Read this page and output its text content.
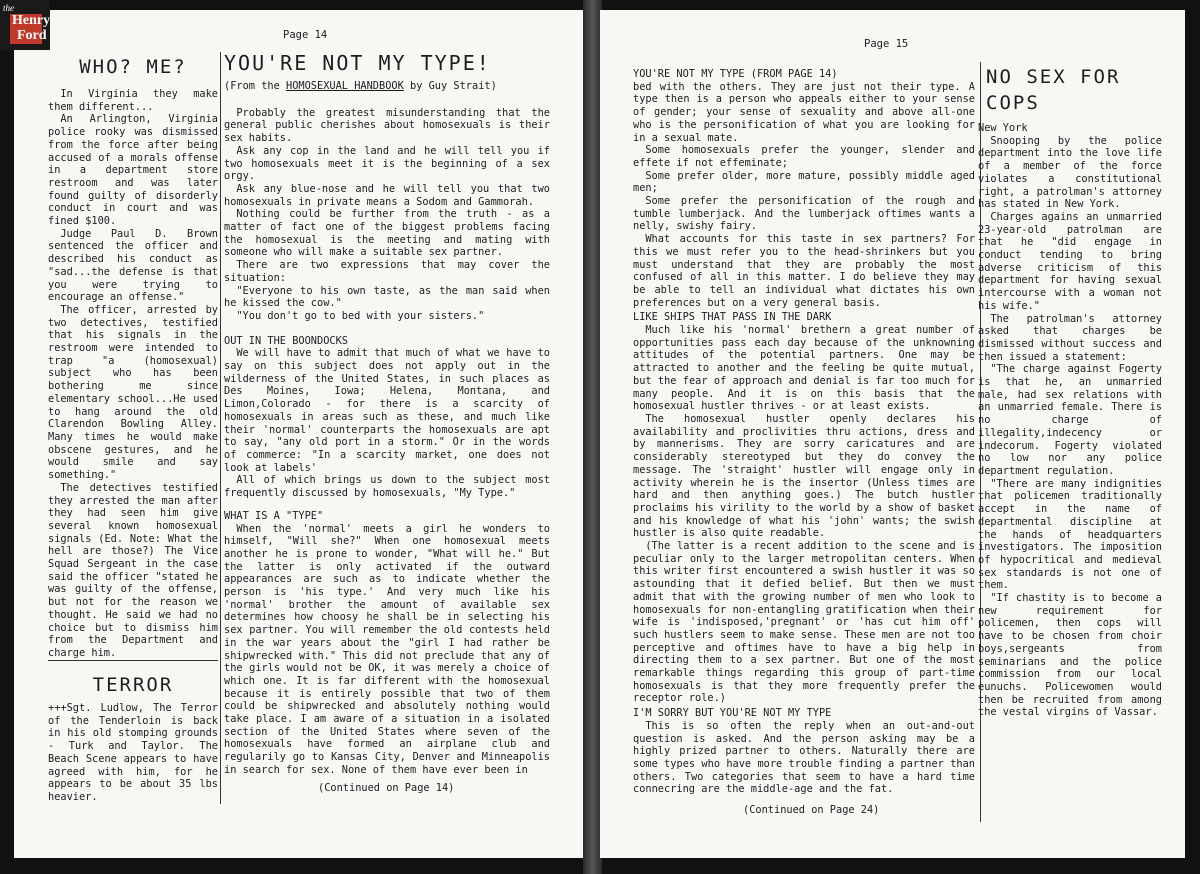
the
Henry
Ford	Page 14
WHO? ME?

In Virginia they make them different...

An Arlington, Virginia police rooky was dismissed from the force after being accused of a morals offense in a department store restroom and was later found guilty of disorderly conduct in court and was fined $100.

Judge Paul D. Brown sentenced the officer and described his conduct as "sad...the defense is that you were trying to encourage an offense."

The officer, arrested by two detectives, testified that his signals in the restroom were intended to trap "a (homosexual) subject who has been bothering me since elementary school...He used to hang around the old Clarendon Bowling Alley. Many times he would make obscene gestures, and he would smile and say something."

The detectives testified they arrested the man after they had seen him give several known homosexual signals (Ed. Note: What the hell are those?) The Vice Squad Sergeant in the case said the officer "stated he was guilty of the offense, but not for the reason we thought. He said we had no choice but to dismiss him from the Department and charge him.

TERROR

+++Sgt. Ludlow, The Terror of the Tenderloin is back in his old stomping grounds - Turk and Taylor. The Beach Scene appears to have agreed with him, for he appears to be about 35 lbs heavier.

YOU'RE NOT MY TYPE!

(From the HOMOSEXUAL HANDBOOK by Guy Strait)

Probably the greatest misunderstanding that the general public cherishes about homosexuals is their sex habits.

Ask any cop in the land and he will tell you if two homosexuals meet it is the beginning of a sex orgy.

Ask any blue-nose and he will tell you that two homosexuals in private means a Sodom and Gammorah.

Nothing could be further from the truth - as a matter of fact one of the biggest problems facing the homosexual is the meeting and mating with someone who will make a suitable sex partner.

There are two expressions that may cover the situation:

"Everyone to his own taste, as the man said when he kissed the cow."

"You don't go to bed with your sisters."

OUT IN THE BOONDOCKS

We will have to admit that much of what we have to say on this subject does not apply out in the wilderness of the United States, in such places as Des Moines, Iowa; Helena, Montana, and Limon,Colorado - for there is a scarcity of homosexuals in areas such as these, and much like their 'normal' counterparts the homosexuals are apt to say, "any old port in a storm." Or in the words of commerce: "In a scarcity market, one does not look at labels'

All of which brings us down to the subject most frequently discussed by homosexuals, "My Type."

WHAT IS A "TYPE"

When the 'normal' meets a girl he wonders to himself, "Will she?" When one homosexual meets another he is prone to wonder, "What will he." But the latter is only activated if the outward appearances are such as to indicate whether the person is 'his type.' And very much like his 'normal' brother the amount of available sex determines how choosy he shall be in selecting his sex partner. You will remember the old contests held in the war years about the "girl I had rather be shipwrecked with." This did not preclude that any of the girls would not be OK, it was merely a choice of which one. It is far different with the homosexual because it is entirely possible that two of them could be shipwrecked and absolutely nothing would take place. I am aware of a situation in a isolated section of the United States where seven of the homosexuals have formed an airplane club and regularily go to Kansas City, Denver and Minneapolis in search for sex. None of them have ever been in

(Continued on Page 14)
Page 15

YOU'RE NOT MY TYPE (FROM PAGE 14)

bed with the others. They are just not their type. A type then is a person who appeals either to your sense of gender; your sense of sexuality and above all-one who is the personification of what you are looking for in a sexual mate.

Some homosexuals prefer the younger, slender and effete if not effeminate;

Some prefer older, more mature, possibly middle aged men;

Some prefer the personification of the rough and tumble lumberjack. And the lumberjack oftimes wants a nelly, swishy fairy.

What accounts for this taste in sex partners? For this we must refer you to the head-shrinkers but you must understand that they are probably the most confused of all in this matter. I do believe they may be able to tell an individual what dictates his own preferences but on a very general basis.

LIKE SHIPS THAT PASS IN THE DARK

Much like his 'normal' brethern a great number of opportunities pass each day because of the unknowning attitudes of the potential partners. One may be attracted to another and the feeling be quite mutual, but the fear of approach and denial is far too much for many people. And it is on this basis that the homosexual hustler thrives - or at least exists.

The homosexual hustler openly declares his availability and proclivities thru actions, dress and by mannerisms. They are sorry caricatures and are considerably stereotyped but they do convey the message. The 'straight' hustler will engage only in activity wherein he is the insertor (Unless times are hard and then anything goes.) The butch hustler proclaims his virility to the world by a show of basket and his knowledge of what his 'john' wants; the swish hustler is also quite readable.

(The latter is a recent addition to the scene and is peculiar only to the larger metropolitan centers. When this writer first encountered a swish hustler it was so astounding that it defied belief. But then we must admit that with the growing number of men who look to homosexuals for non-entangling gratification when their wife is 'indisposed,'pregnant' or 'has cut him off' such hustlers seem to make sense. These men are not too perceptive and oftimes have to have a big help in directing them to a sex partner. But one of the most remarkable things regarding this group of part-time homosexuals is that they more frequently prefer the receptor role.)

I'M SORRY BUT YOU'RE NOT MY TYPE

This is so often the reply when an out-and-out question is asked. And the person asking may be a highly prized partner to others. Naturally there are some types who have more trouble finding a partner than others. Two categories that seem to have a hard time connecring are the middle-age and the fat.

(Continued on Page 24)
NO SEX FOR
COPS

New York

Snooping by the police department into the love life of a member of the force violates a constitutional right, a patrolman's attorney has stated in New York.

Charges agains an unmarried 23-year-old patrolman are that he "did engage in conduct tending to bring adverse criticism of this department for having sexual intercourse with a woman not his wife."

The patrolman's attorney asked that charges be dismissed without success and then issued a statement:

"The charge against Fogerty is that he, an unmarried male, had sex relations with an unmarried female. There is no charge of illegality,indecency or indecorum. Fogerty violated no low nor any police department regulation.

"There are many indignities that policemen traditionally accept in the name of departmental discipline at the hands of headquarters investigators. The imposition of hypocritical and medieval sex standards is not one of them.

"If chastity is to become a new requirement for policemen, then cops will have to be chosen from choir boys,sergeants from seminarians and the police commission from our local eunuchs. Policewomen would then be recruited from among the vestal virgins of Vassar.
